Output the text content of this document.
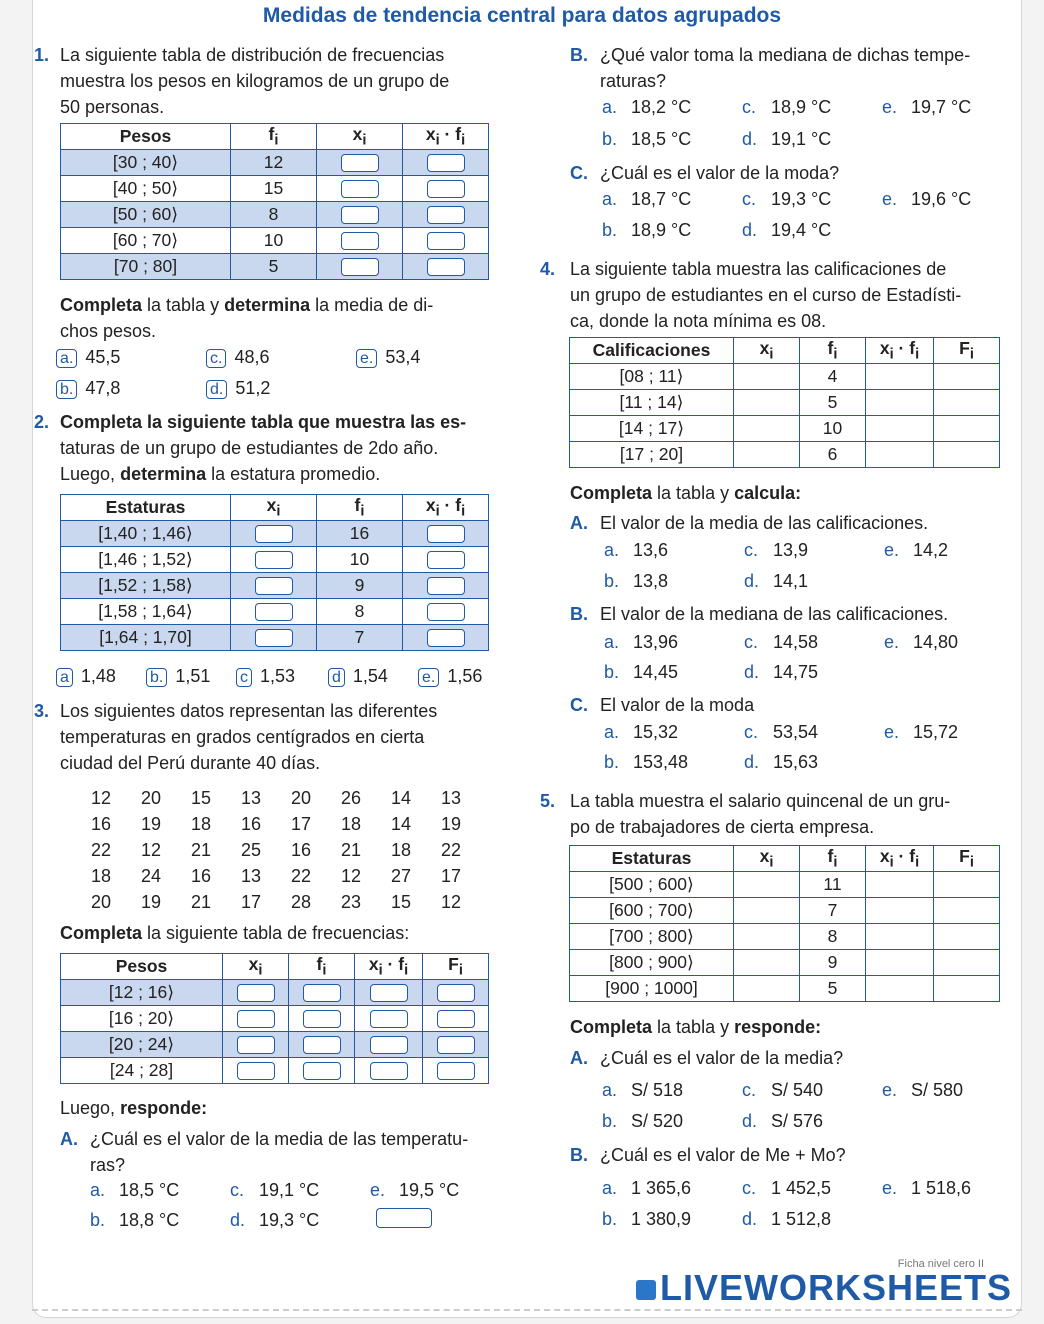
Medidas de tendencia central para datos agrupados
1. La siguiente tabla de distribución de frecuencias
muestra los pesos en kilogramos de un grupo de
50 personas.
Pesos	$f_i$	$x_i$	$x_i \cdot f_i$
[30 ; 40⟩	12		
[40 ; 50⟩	15		
[50 ; 60⟩	8		
[60 ; 70⟩	10		
[70 ; 80]	5		
Completa la tabla y determina la media de di-
chos pesos.
a. 45,5	c. 48,6	e. 53,4
b. 47,8	d. 51,2
2. Completa la siguiente tabla que muestra las es-
taturas de un grupo de estudiantes de 2do año.
Luego, determina la estatura promedio.
Estaturas	$x_i$	$f_i$	$x_i \cdot f_i$
[1,40 ; 1,46⟩		16	
[1,46 ; 1,52⟩		10	
[1,52 ; 1,58⟩		9	
[1,58 ; 1,64⟩		8	
[1,64 ; 1,70]		7	
a 1,48 b. 1,51 c 1,53 d 1,54 e. 1,56
3. Los siguientes datos representan las diferentes
temperaturas en grados centígrados en cierta
ciudad del Perú durante 40 días.
12	20	15	13	20	26	14	13
16	19	18	16	17	18	14	19
22	12	21	25	16	21	18	22
18	24	16	13	22	12	27	17
20	19	21	17	28	23	15	12
Completa la siguiente tabla de frecuencias:
Pesos	$x_i$	$f_i$	$x_i \cdot f_i$	$F_i$
[12 ; 16⟩				
[16 ; 20⟩				
[20 ; 24⟩				
[24 ; 28]				
Luego, responde:
A. ¿Cuál es el valor de la media de las temperatu-
ras?
a. 18,5 °C	c. 19,1 °C	e. 19,5 °C
b. 18,8 °C	d. 19,3 °C
B. ¿Qué valor toma la mediana de dichas tempe-
raturas?
a. 18,2 °C	c. 18,9 °C	e. 19,7 °C
b. 18,5 °C	d. 19,1 °C
C. ¿Cuál es el valor de la moda?
a. 18,7 °C	c. 19,3 °C	e. 19,6 °C
b. 18,9 °C	d. 19,4 °C
4. La siguiente tabla muestra las calificaciones de
un grupo de estudiantes en el curso de Estadísti-
ca, donde la nota mínima es 08.
Calificaciones	$x_i$	$f_i$	$x_i \cdot f_i$	$F_i$
[08 ; 11⟩		4		
[11 ; 14⟩		5		
[14 ; 17⟩		10		
[17 ; 20]		6		
Completa la tabla y calcula:
A. El valor de la media de las calificaciones.
a. 13,6	c. 13,9	e. 14,2
b. 13,8	d. 14,1
B. El valor de la mediana de las calificaciones.
a. 13,96	c. 14,58	e. 14,80
b. 14,45	d. 14,75
C. El valor de la moda
a. 15,32	c. 53,54	e. 15,72
b. 153,48	d. 15,63
5. La tabla muestra el salario quincenal de un gru-
po de trabajadores de cierta empresa.
Estaturas	$x_i$	$f_i$	$x_i \cdot f_i$	$F_i$
[500 ; 600⟩		11		
[600 ; 700⟩		7		
[700 ; 800⟩		8		
[800 ; 900⟩		9		
[900 ; 1000]		5		
Completa la tabla y responde:
A. ¿Cuál es el valor de la media?
a. S/ 518	c. S/ 540	e. S/ 580
b. S/ 520	d. S/ 576
B. ¿Cuál es el valor de Me + Mo?
a. 1 365,6	c. 1 452,5	e. 1 518,6
b. 1 380,9	d. 1 512,8
Ficha nivel cero II
LIVEWORKSHEETS
